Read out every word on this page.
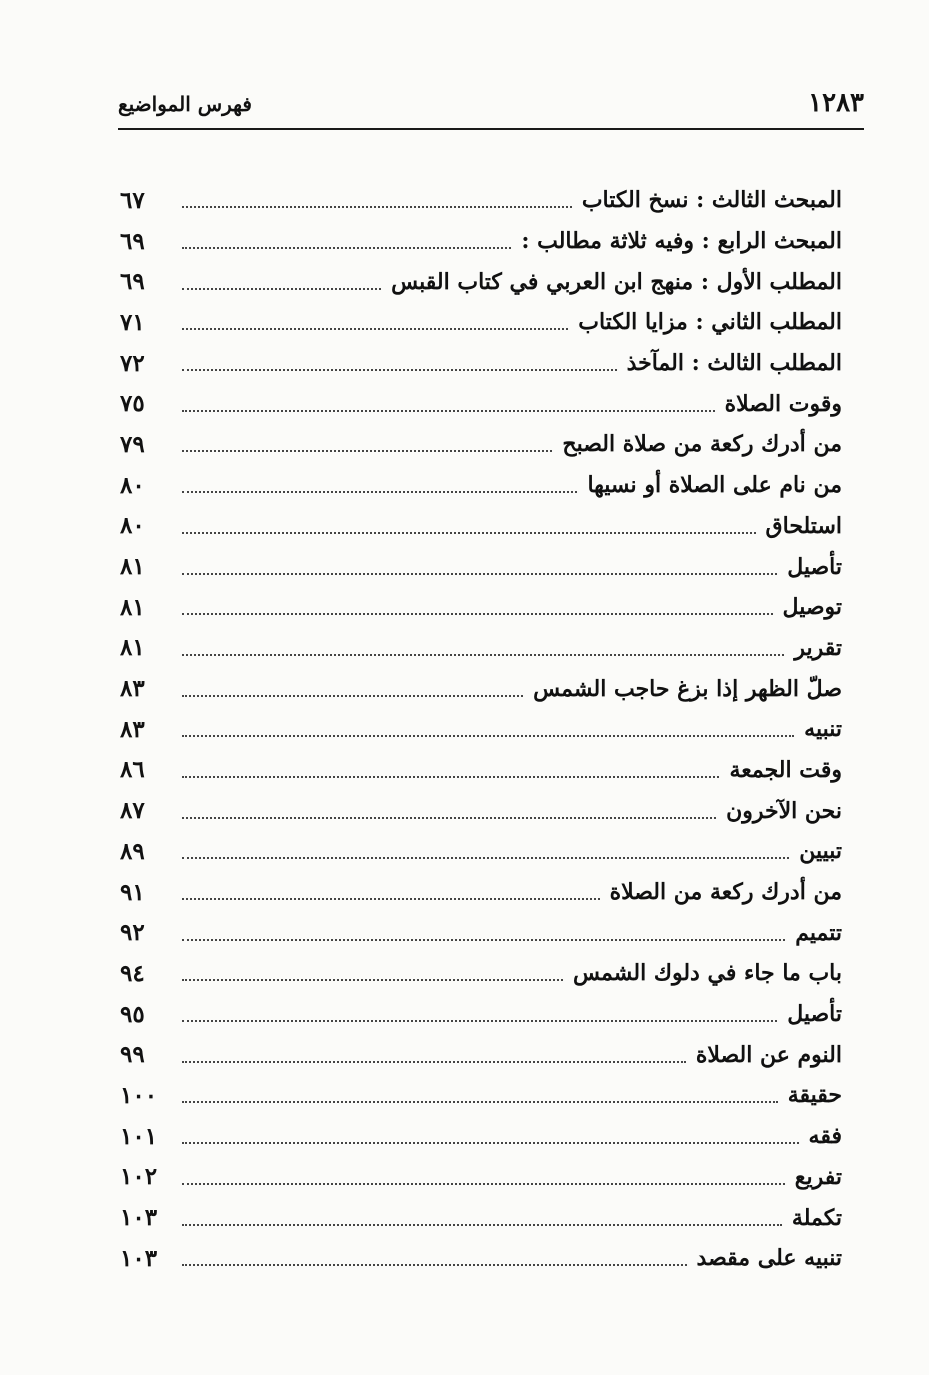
١٢٨٣
فهرس المواضيع
المبحث الثالث : نسخ الكتاب
٦٧
المبحث الرابع : وفيه ثلاثة مطالب :
٦٩
المطلب الأول : منهج ابن العربي في كتاب القبس
٦٩
المطلب الثاني : مزايا الكتاب
٧١
المطلب الثالث : المآخذ
٧٢
وقوت الصلاة
٧٥
من أدرك ركعة من صلاة الصبح
٧٩
من نام على الصلاة أو نسيها
٨٠
استلحاق
٨٠
تأصيل
٨١
توصيل
٨١
تقرير
٨١
صلّ الظهر إذا بزغ حاجب الشمس
٨٣
تنبيه
٨٣
وقت الجمعة
٨٦
نحن الآخرون
٨٧
تبيين
٨٩
من أدرك ركعة من الصلاة
٩١
تتميم
٩٢
باب ما جاء في دلوك الشمس
٩٤
تأصيل
٩٥
النوم عن الصلاة
٩٩
حقيقة
١٠٠
فقه
١٠١
تفريع
١٠٢
تكملة
١٠٣
تنبيه على مقصد
١٠٣
